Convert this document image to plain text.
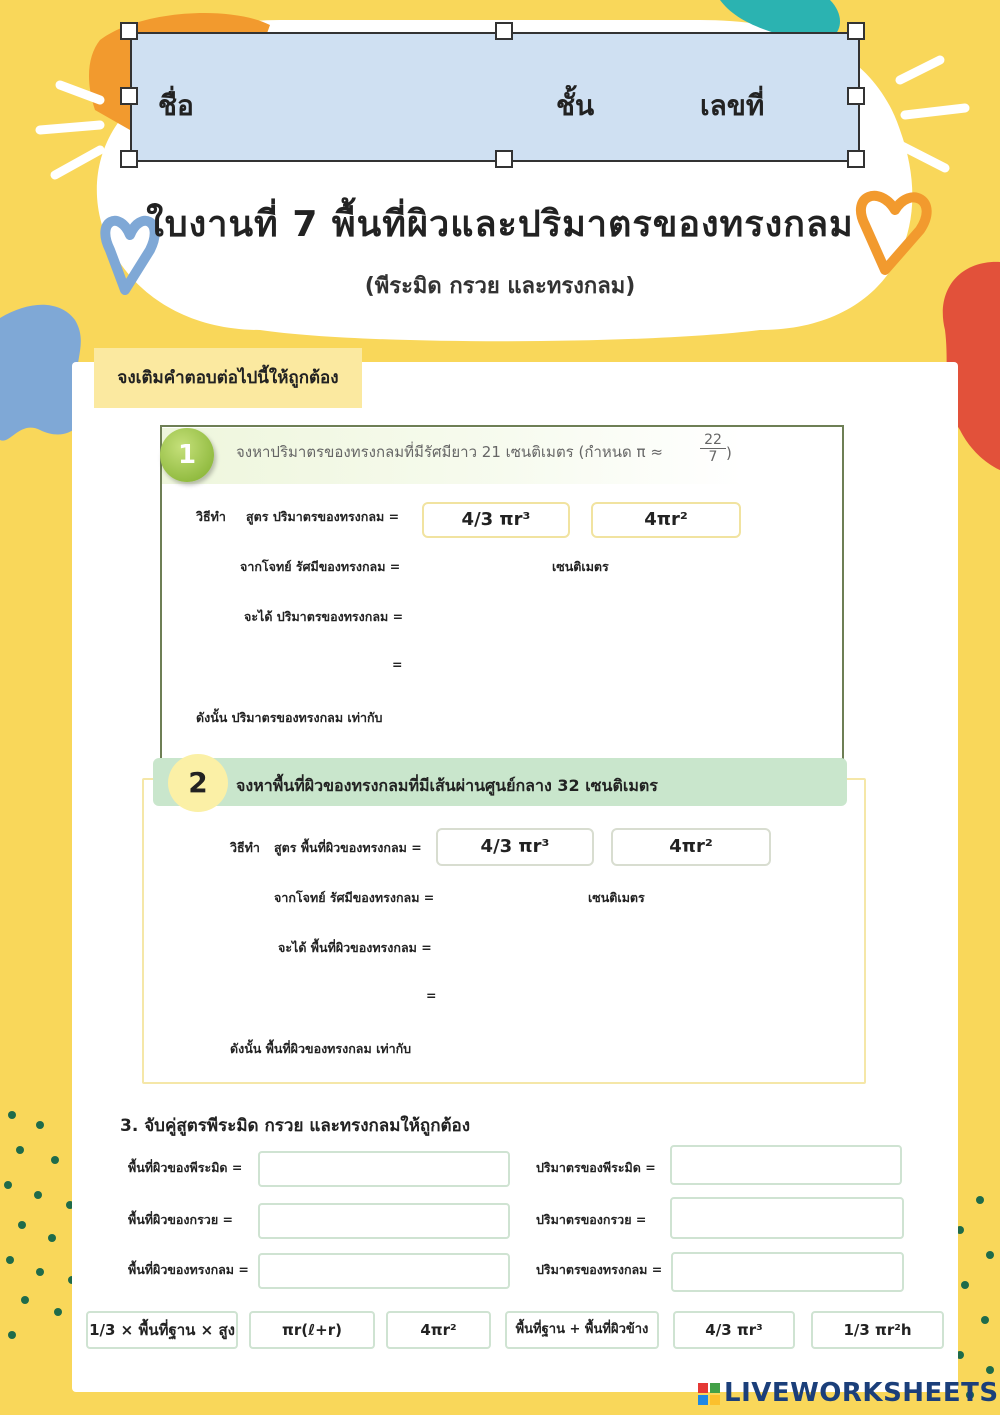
ชื่อ	ชั้น	เลขที่
ใบงานที่ 7 พื้นที่ผิวและปริมาตรของทรงกลม
(พีระมิด กรวย และทรงกลม)
จงเติมคำตอบต่อไปนี้ให้ถูกต้อง
1	จงหาปริมาตรของทรงกลมที่มีรัศมียาว 21 เซนติเมตร (กำหนด π ≈	$\frac{22}{7}$ )
วิธีทำ สูตร ปริมาตรของทรงกลม =	4/3 πr³	4πr²
จากโจทย์ รัศมีของทรงกลม =	เซนติเมตร
จะได้ ปริมาตรของทรงกลม =
=
ดังนั้น ปริมาตรของทรงกลม เท่ากับ
2	จงหาพื้นที่ผิวของทรงกลมที่มีเส้นผ่านศูนย์กลาง 32 เซนติเมตร
วิธีทำ สูตร พื้นที่ผิวของทรงกลม =	4/3 πr³	4πr²
จากโจทย์ รัศมีของทรงกลม =	เซนติเมตร
จะได้ พื้นที่ผิวของทรงกลม =
=
ดังนั้น พื้นที่ผิวของทรงกลม เท่ากับ
3. จับคู่สูตรพีระมิด กรวย และทรงกลมให้ถูกต้อง
พื้นที่ผิวของพีระมิด =
พื้นที่ผิวของกรวย =
พื้นที่ผิวของทรงกลม =
ปริมาตรของพีระมิด =
ปริมาตรของกรวย =
ปริมาตรของทรงกลม =
1/3 × พื้นที่ฐาน × สูง	πr(ℓ+r)	4πr²	พื้นที่ฐาน + พื้นที่ผิวข้าง	4/3 πr³	1/3 πr²h
LIVEWORKSHEETS
